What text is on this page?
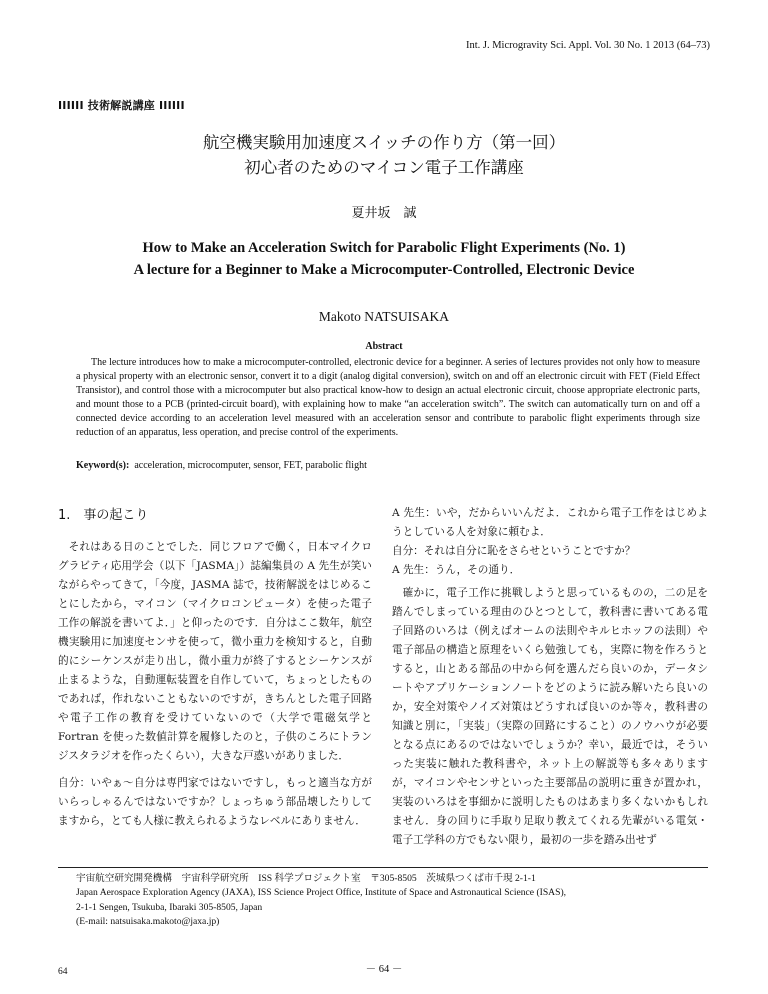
Int. J. Microgravity Sci. Appl. Vol. 30 No. 1 2013 (64–73)
IIIIII 技術解説講座 IIIIII
航空機実験用加速度スイッチの作り方（第一回）
初心者のためのマイコン電子工作講座
夏井坂　誠
How to Make an Acceleration Switch for Parabolic Flight Experiments (No. 1)
A lecture for a Beginner to Make a Microcomputer-Controlled, Electronic Device
Makoto NATSUISAKA
Abstract
The lecture introduces how to make a microcomputer-controlled, electronic device for a beginner. A series of lectures provides not only how to measure a physical property with an electronic sensor, convert it to a digit (analog digital conversion), switch on and off an electronic circuit with FET (Field Effect Transistor), and control those with a microcomputer but also practical know-how to design an actual electronic circuit, choose appropriate electronic parts, and mount those to a PCB (printed-circuit board), with explaining how to make “an acceleration switch”. The switch can automatically turn on and off a connected device according to an acceleration level measured with an acceleration sensor and contribute to parabolic flight experiments through size reduction of an apparatus, less operation, and precise control of the experiments.
Keyword(s): acceleration, microcomputer, sensor, FET, parabolic flight
1.　事の起こり
それはある日のことでした．同じフロアで働く，日本マイクログラビティ応用学会（以下「JASMA」）誌編集員の A 先生が笑いながらやってきて，「今度，JASMA 誌で，技術解説をはじめることにしたから，マイコン（マイクロコンピュータ）を使った電子工作の解説を書いてよ．」と仰ったのです．自分はここ数年，航空機実験用に加速度センサを使って，微小重力を検知すると，自動的にシーケンスが走り出し，微小重力が終了するとシーケンスが止まるような，自動運転装置を自作していて，ちょっとしたものであれば，作れないこともないのですが，きちんとした電子回路や電子工作の教育を受けていないので（大学で電磁気学と Fortran を使った数値計算を履修したのと，子供のころにトランジスタラジオを作ったくらい），大きな戸惑いがありました．
自分：いやぁ～自分は専門家ではないですし，もっと適当な方がいらっしゃるんではないですか？しょっちゅう部品壊したりしてますから，とても人様に教えられるようなレベルにありません．

A 先生：いや，だからいいんだよ．これから電子工作をはじめようとしている人を対象に頼むよ．

自分：それは自分に恥をさらせということですか？

A 先生：うん，その通り．

確かに，電子工作に挑戦しようと思っているものの，二の足を踏んでしまっている理由のひとつとして，教科書に書いてある電子回路のいろは（例えばオームの法則やキルヒホッフの法則）や電子部品の構造と原理をいくら勉強しても，実際に物を作ろうとすると，山とある部品の中から何を選んだら良いのか，データシートやアプリケーションノートをどのように読み解いたら良いのか，安全対策やノイズ対策はどうすれば良いのか等々，教科書の知識と別に，「実装」（実際の回路にすること）のノウハウが必要となる点にあるのではないでしょうか？幸い，最近では，そういった実装に触れた教科書や，ネット上の解説等も多々ありますが，マイコンやセンサといった主要部品の説明に重きが置かれ，実装のいろはを事細かに説明したものはあまり多くないかもしれません．身の回りに手取り足取り教えてくれる先輩がいる電気・電子工学科の方でもない限り，最初の一歩を踏み出せず
宇宙航空研究開発機構　宇宙科学研究所　ISS 科学プロジェクト室　〒305-8505　茨城県つくば市千現 2-1-1
Japan Aerospace Exploration Agency (JAXA), ISS Science Project Office, Institute of Space and Astronautical Science (ISAS),
2-1-1 Sengen, Tsukuba, Ibaraki 305-8505, Japan
(E-mail: natsuisaka.makoto@jaxa.jp)
64	－ 64 －
